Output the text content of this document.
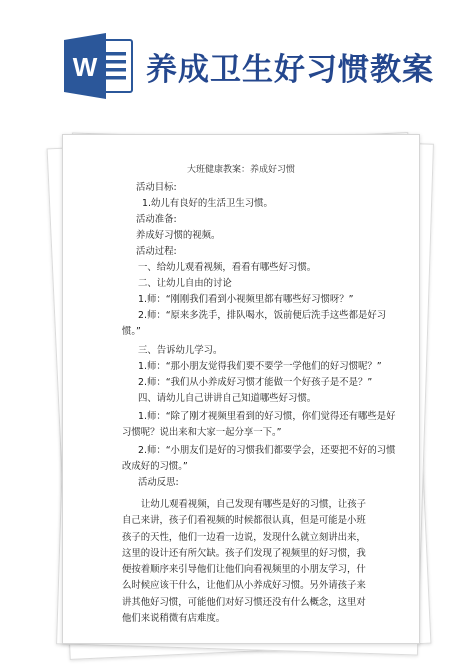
W 养成卫生好习惯教案
大班健康教案：养成好习惯
活动目标:
1.幼儿有良好的生活卫生习惯。
活动准备:
养成好习惯的视频。
活动过程:
一、给幼儿观看视频，看看有哪些好习惯。
二、让幼儿自由的讨论
1.师：“刚刚我们看到小视频里都有哪些好习惯呀？”
2.师：“原来多洗手，排队喝水，饭前便后洗手这些都是好习
惯。”
三、告诉幼儿学习。
1.师：“那小朋友觉得我们要不要学一学他们的好习惯呢？”
2.师：“我们从小养成好习惯才能做一个好孩子是不是？”
四、请幼儿自己讲讲自己知道哪些好习惯。
1.师：“除了刚才视频里看到的好习惯，你们觉得还有哪些是好
习惯呢？说出来和大家一起分享一下。”
2.师：“小朋友们是好的习惯我们都要学会，还要把不好的习惯
改成好的习惯。”
活动反思:
让幼儿观看视频，自己发现有哪些是好的习惯，让孩子自己来讲，孩子们看视频的时候都很认真，但是可能是小班孩子的天性，他们一边看一边说，发现什么就立刻讲出来，这里的设计还有所欠缺。孩子们发现了视频里的好习惯，我便按着顺序来引导他们让他们向看视频里的小朋友学习，什么时候应该干什么，让他们从小养成好习惯。另外请孩子来讲其他好习惯，可能他们对好习惯还没有什么概念，这里对他们来说稍微有店难度。
